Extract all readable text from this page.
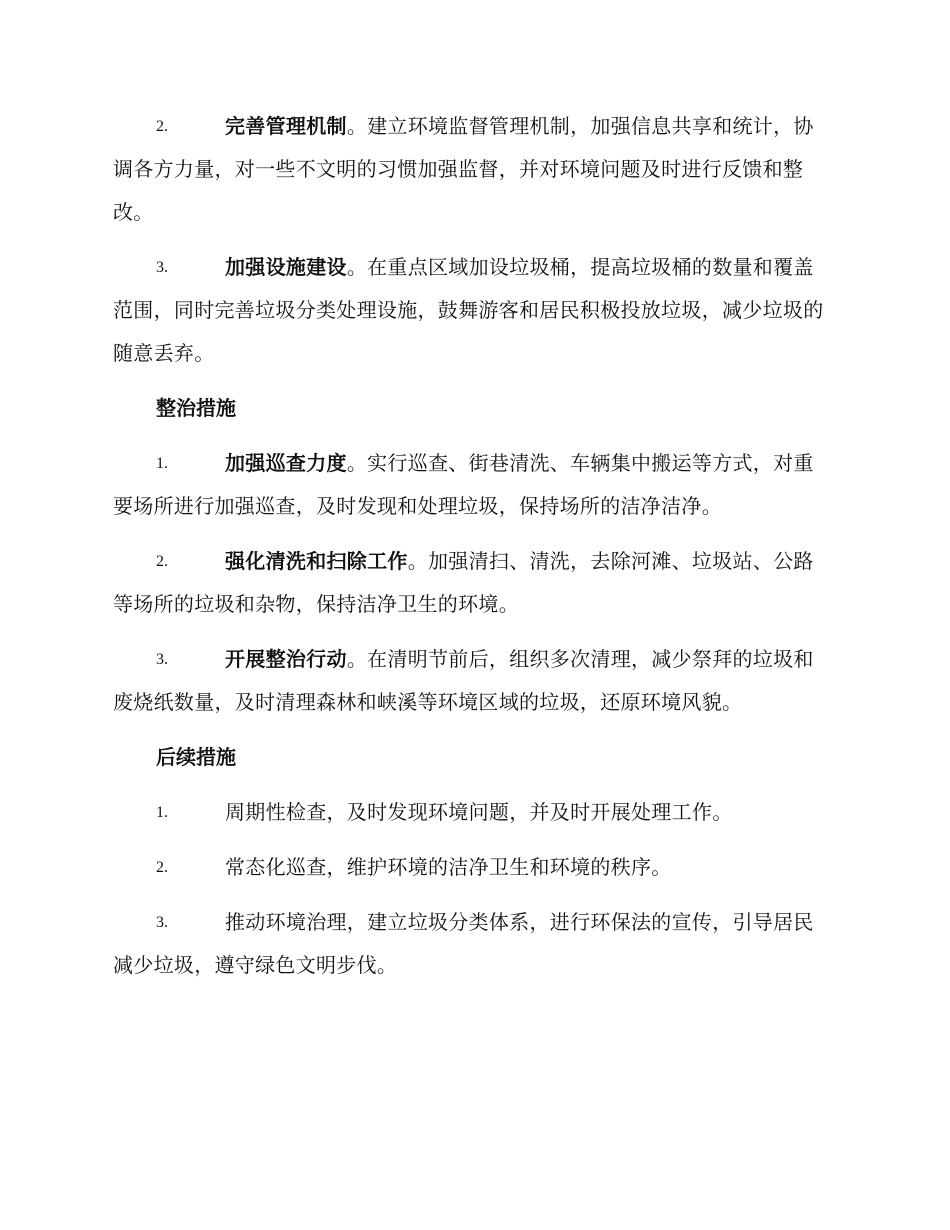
2.	完善管理机制。建立环境监督管理机制，加强信息共享和统计，协调各方力量，对一些不文明的习惯加强监督，并对环境问题及时进行反馈和整改。
3.	加强设施建设。在重点区域加设垃圾桶，提高垃圾桶的数量和覆盖范围，同时完善垃圾分类处理设施，鼓舞游客和居民积极投放垃圾，减少垃圾的随意丢弃。
整治措施
1.	加强巡查力度。实行巡查、街巷清洗、车辆集中搬运等方式，对重要场所进行加强巡查，及时发现和处理垃圾，保持场所的洁净洁净。
2.	强化清洗和扫除工作。加强清扫、清洗，去除河滩、垃圾站、公路等场所的垃圾和杂物，保持洁净卫生的环境。
3.	开展整治行动。在清明节前后，组织多次清理，减少祭拜的垃圾和废烧纸数量，及时清理森林和峡溪等环境区域的垃圾，还原环境风貌。
后续措施
1.	周期性检查，及时发现环境问题，并及时开展处理工作。
2.	常态化巡查，维护环境的洁净卫生和环境的秩序。
3.	推动环境治理，建立垃圾分类体系，进行环保法的宣传，引导居民减少垃圾，遵守绿色文明步伐。
